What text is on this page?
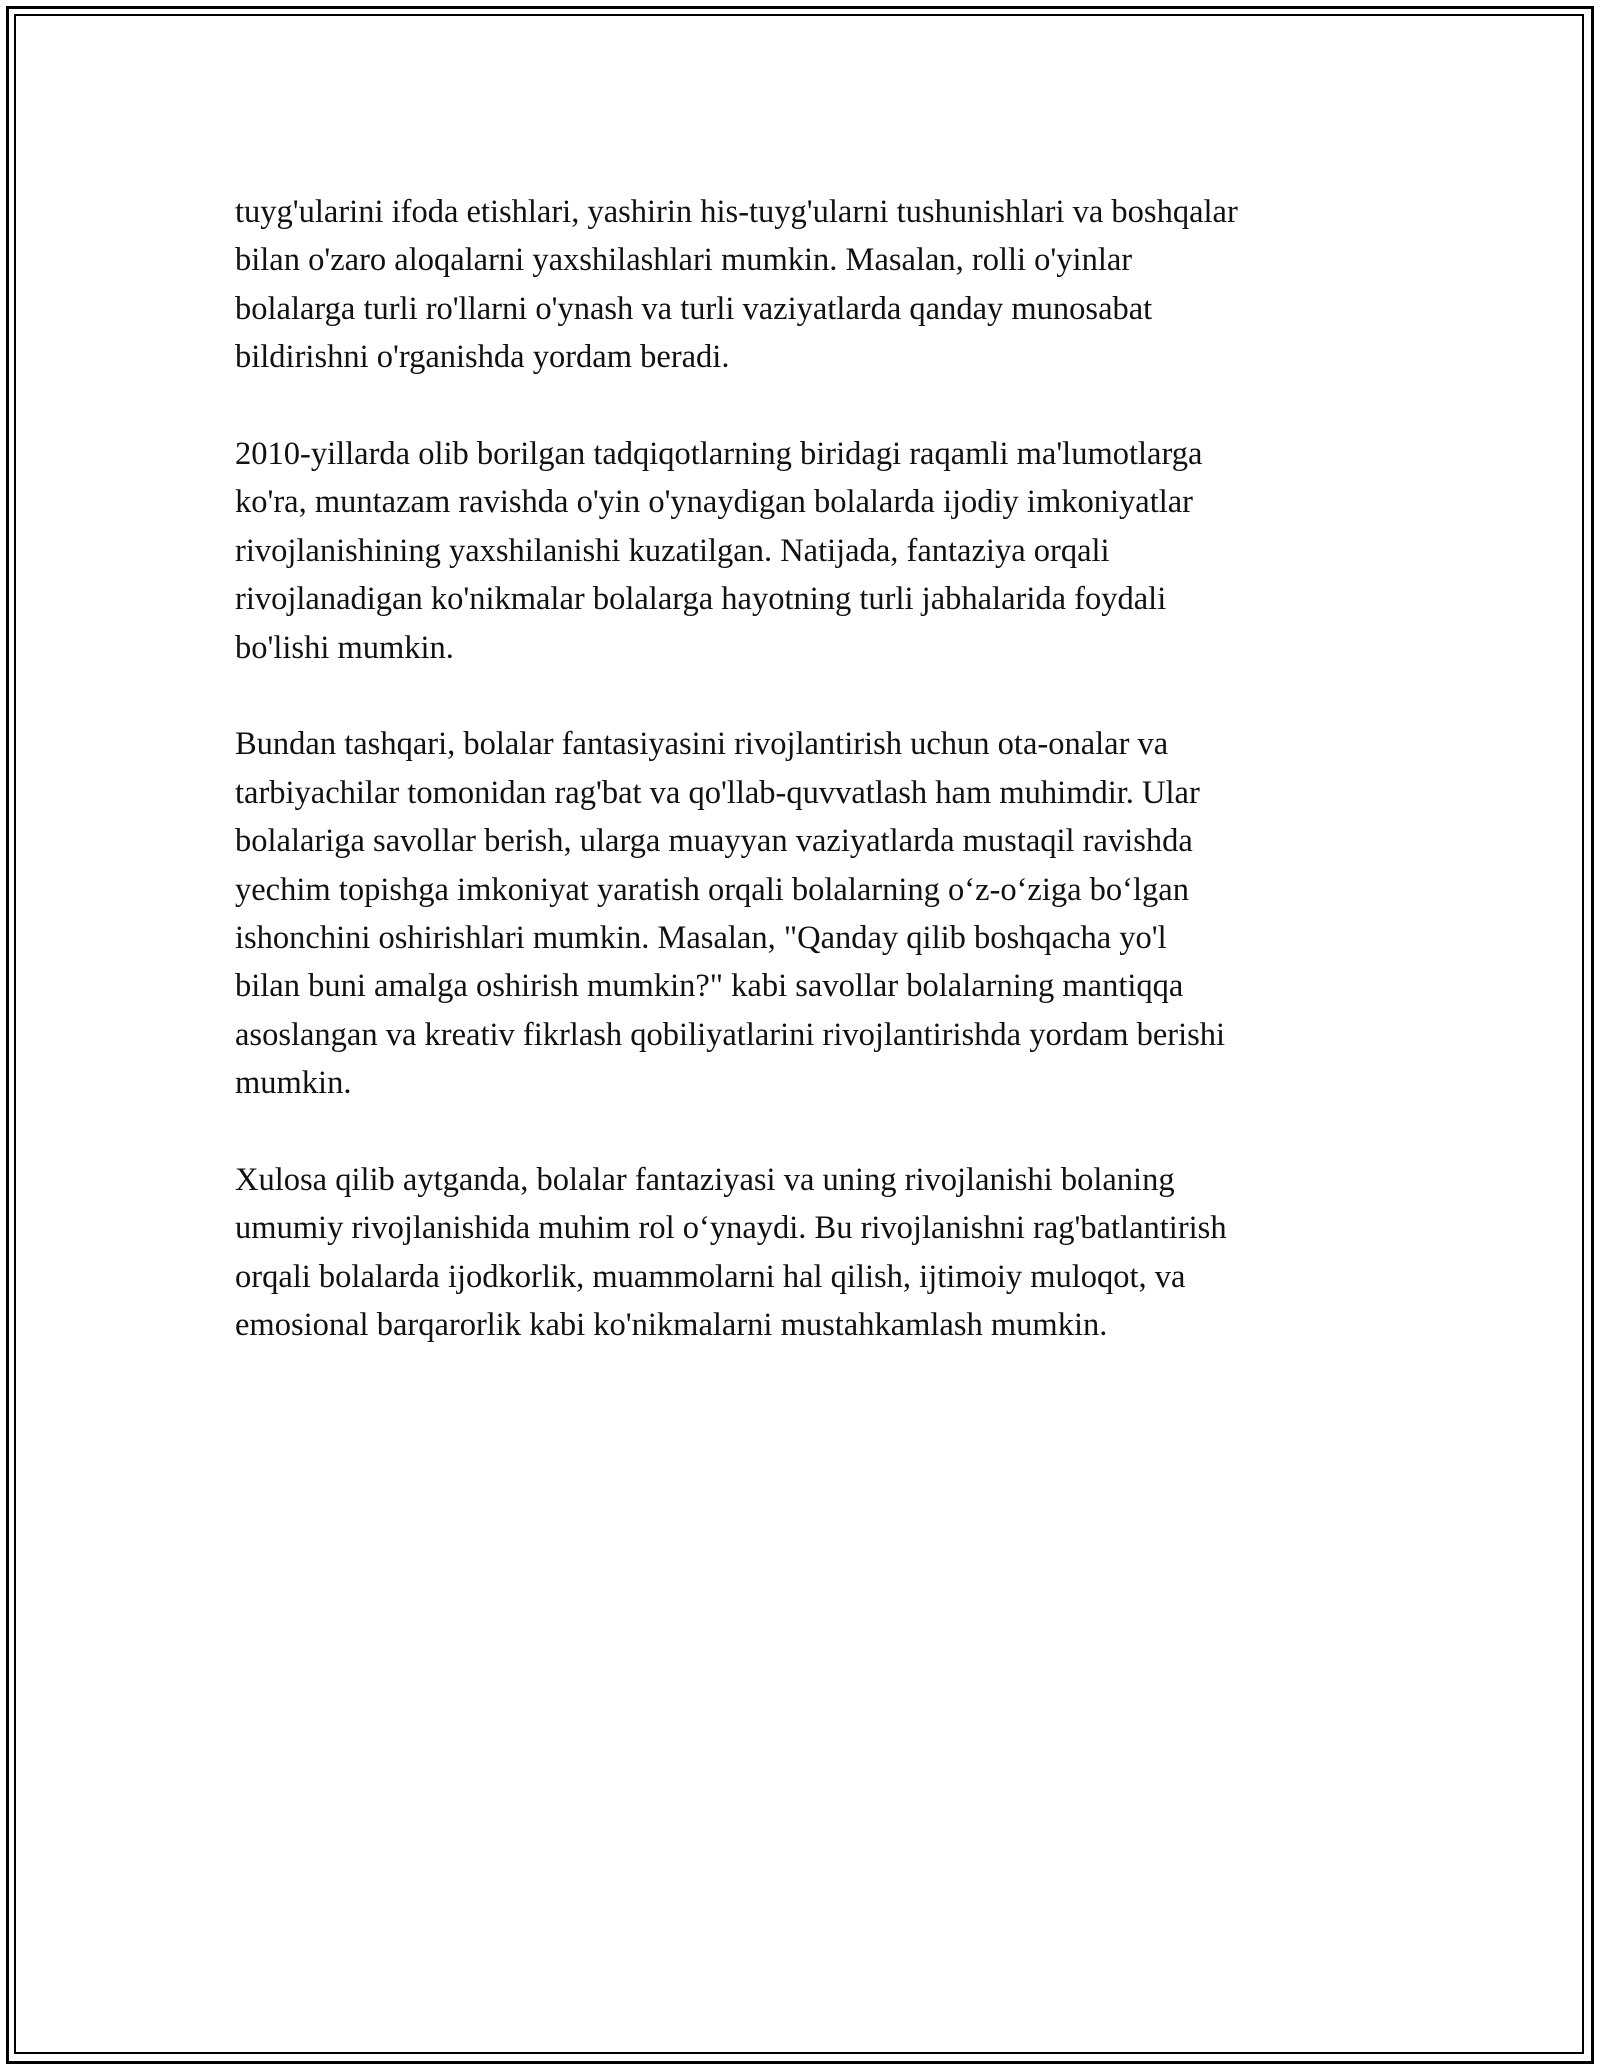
tuyg'ularini ifoda etishlari, yashirin his-tuyg'ularni tushunishlari va boshqalar
bilan o'zaro aloqalarni yaxshilashlari mumkin. Masalan, rolli o'yinlar
bolalarga turli ro'llarni o'ynash va turli vaziyatlarda qanday munosabat
bildirishni o'rganishda yordam beradi.

2010-yillarda olib borilgan tadqiqotlarning biridagi raqamli ma'lumotlarga
ko'ra, muntazam ravishda o'yin o'ynaydigan bolalarda ijodiy imkoniyatlar
rivojlanishining yaxshilanishi kuzatilgan. Natijada, fantaziya orqali
rivojlanadigan ko'nikmalar bolalarga hayotning turli jabhalarida foydali
bo'lishi mumkin.

Bundan tashqari, bolalar fantasiyasini rivojlantirish uchun ota-onalar va
tarbiyachilar tomonidan rag'bat va qo'llab-quvvatlash ham muhimdir. Ular
bolalariga savollar berish, ularga muayyan vaziyatlarda mustaqil ravishda
yechim topishga imkoniyat yaratish orqali bolalarning o‘z-o‘ziga bo‘lgan
ishonchini oshirishlari mumkin. Masalan, "Qanday qilib boshqacha yo'l
bilan buni amalga oshirish mumkin?" kabi savollar bolalarning mantiqqa
asoslangan va kreativ fikrlash qobiliyatlarini rivojlantirishda yordam berishi
mumkin.

Xulosa qilib aytganda, bolalar fantaziyasi va uning rivojlanishi bolaning
umumiy rivojlanishida muhim rol o‘ynaydi. Bu rivojlanishni rag'batlantirish
orqali bolalarda ijodkorlik, muammolarni hal qilish, ijtimoiy muloqot, va
emosional barqarorlik kabi ko'nikmalarni mustahkamlash mumkin.
